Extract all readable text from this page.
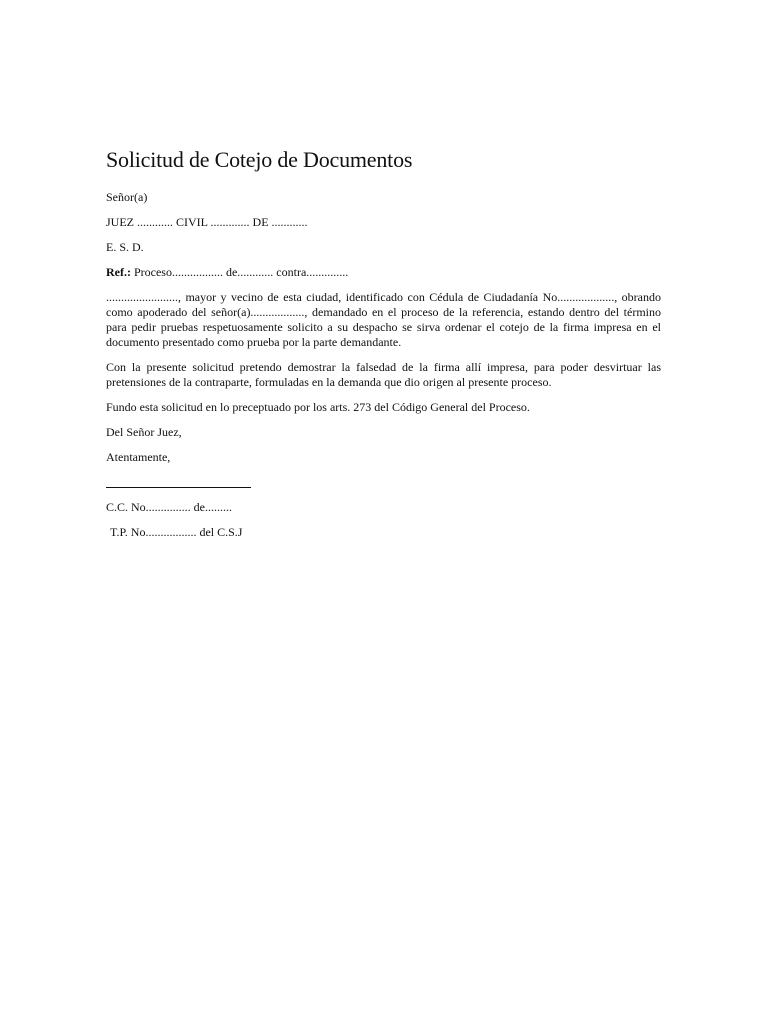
Solicitud de Cotejo de Documentos
Señor(a)
JUEZ ............ CIVIL ............. DE ............
E. S. D.
Ref.: Proceso................. de............ contra..............
........................, mayor y vecino de esta ciudad, identificado con Cédula de Ciudadanía No..................., obrando como apoderado del señor(a).................., demandado en el proceso de la referencia, estando dentro del término para pedir pruebas respetuosamente solicito a su despacho se sirva ordenar el cotejo de la firma impresa en el documento presentado como prueba por la parte demandante.
Con la presente solicitud pretendo demostrar la falsedad de la firma allí impresa, para poder desvirtuar las pretensiones de la contraparte, formuladas en la demanda que dio origen al presente proceso.
Fundo esta solicitud en lo preceptuado por los arts. 273 del Código General del Proceso.
Del Señor Juez,
Atentamente,
C.C. No............... de.........
T.P. No................. del C.S.J
